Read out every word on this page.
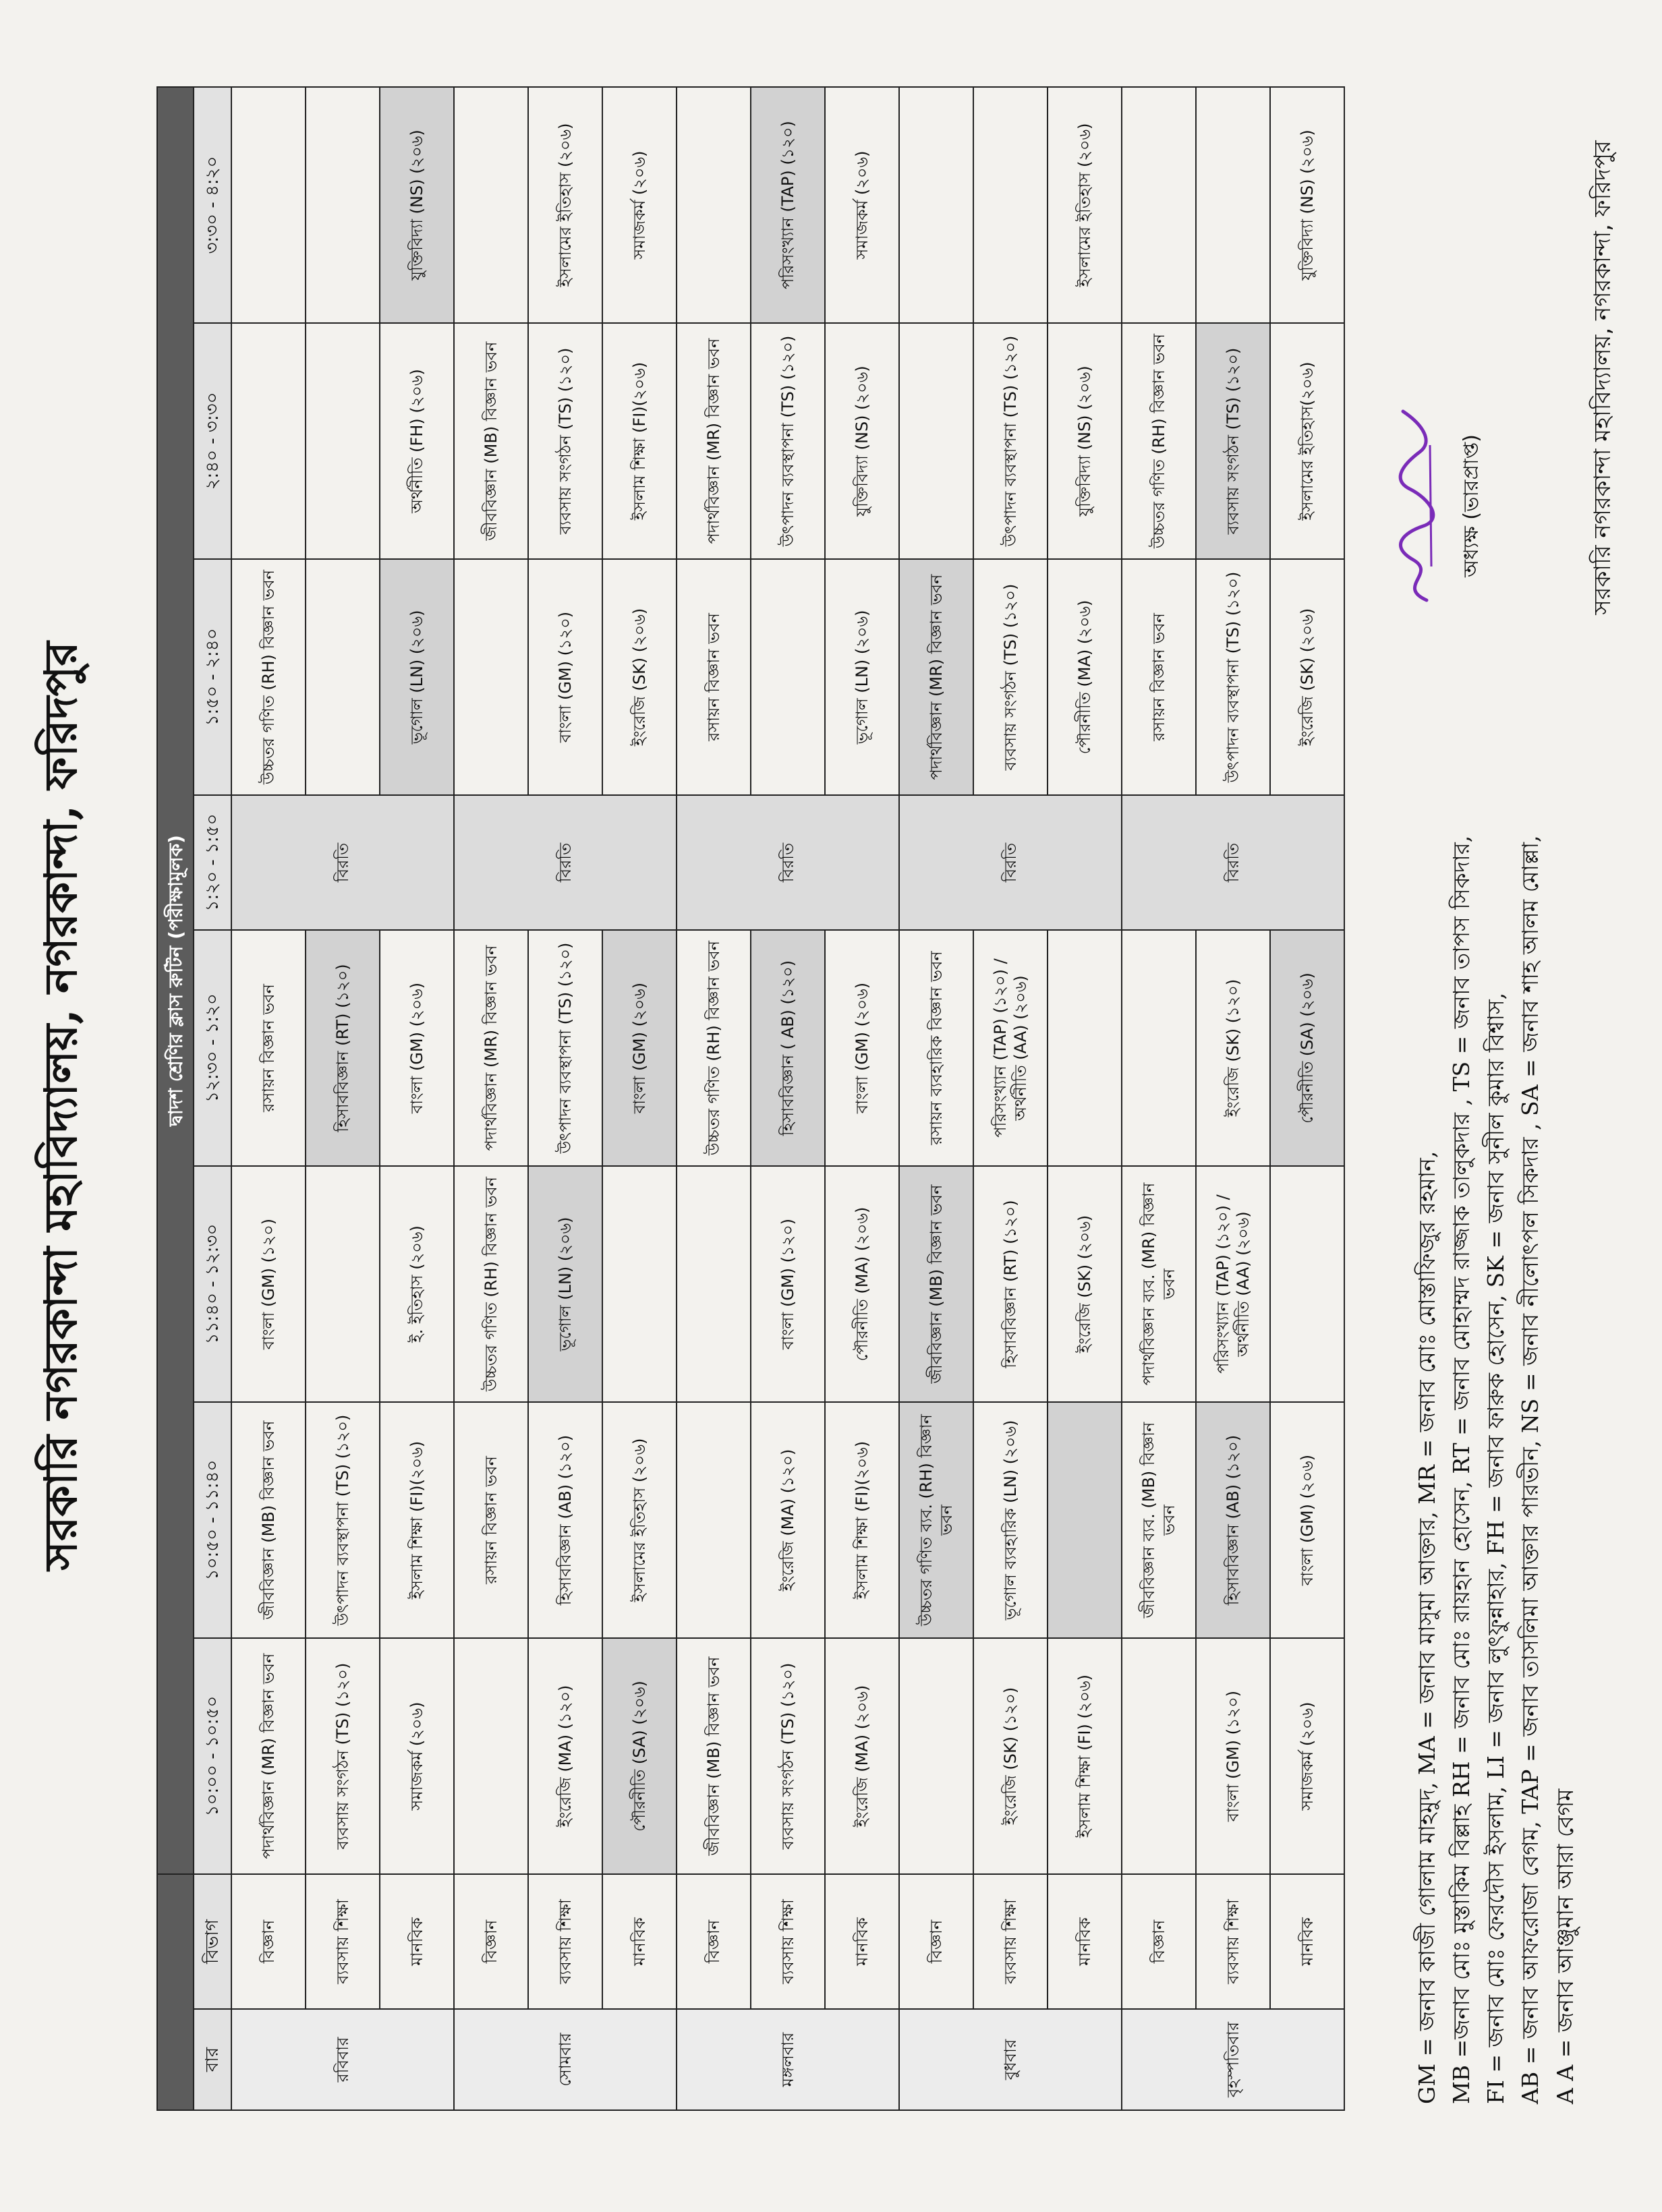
সরকারি নগরকান্দা মহাবিদ্যালয়, নগরকান্দা, ফরিদপুর
		দ্বাদশ শ্রেণির ক্লাস রুটিন (পরীক্ষামূলক)							
বার	বিভাগ	১০:০০ - ১০:৫০	১০:৫০ - ১১:৪০	১১:৪০ - ১২:৩০	১২:৩০ - ১:২০	১:২০ - ১:৫০	১:৫০ - ২:৪০	২:৪০ - ৩:৩০	৩:৩০ - ৪:২০
রবিবার	বিজ্ঞান	পদার্থবিজ্ঞান (MR) বিজ্ঞান ভবন	জীববিজ্ঞান (MB) বিজ্ঞান ভবন	বাংলা (GM) (১২০)	রসায়ন বিজ্ঞান ভবন	বিরতি	উচ্চতর গণিত (RH) বিজ্ঞান ভবন		
	ব্যবসায় শিক্ষা	ব্যবসায় সংগঠন (TS) (১২০)	উৎপাদন ব্যবস্থাপনা (TS) (১২০)		হিসাববিজ্ঞান (RT) (১২০)				
	মানবিক	সমাজকর্ম (২০৬)	ইসলাম শিক্ষা (FI)(২০৬)	ই. ইতিহাস (২০৬)	বাংলা (GM) (২০৬)		ভূগোল (LN) (২০৬)	অর্থনীতি (FH) (২০৬)	যুক্তিবিদ্যা (NS) (২০৬)
সোমবার	বিজ্ঞান		রসায়ন বিজ্ঞান ভবন	উচ্চতর গণিত (RH) বিজ্ঞান ভবন	পদার্থবিজ্ঞান (MR) বিজ্ঞান ভবন	বিরতি		জীববিজ্ঞান (MB) বিজ্ঞান ভবন	
	ব্যবসায় শিক্ষা	ইংরেজি (MA) (১২০)	হিসাববিজ্ঞান (AB) (১২০)	ভূগোল (LN) (২০৬)	উৎপাদন ব্যবস্থাপনা (TS) (১২০)		বাংলা (GM) (১২০)	ব্যবসায় সংগঠন (TS) (১২০)	ইসলামের ইতিহাস (২০৬)
	মানবিক	পৌরনীতি (SA) (২০৬)	ইসলামের ইতিহাস (২০৬)		বাংলা (GM) (২০৬)		ইংরেজি (SK) (২০৬)	ইসলাম শিক্ষা (FI)(২০৬)	সমাজকর্ম (২০৬)
মঙ্গলবার	বিজ্ঞান	জীববিজ্ঞান (MB) বিজ্ঞান ভবন			উচ্চতর গণিত (RH) বিজ্ঞান ভবন	বিরতি	রসায়ন বিজ্ঞান ভবন	পদার্থবিজ্ঞান (MR) বিজ্ঞান ভবন	
	ব্যবসায় শিক্ষা	ব্যবসায় সংগঠন (TS) (১২০)	ইংরেজি (MA) (১২০)	বাংলা (GM) (১২০)	হিসাববিজ্ঞান ( AB) (১২০)			উৎপাদন ব্যবস্থাপনা (TS) (১২০)	পরিসংখ্যান (TAP) (১২০)
	মানবিক	ইংরেজি (MA) (২০৬)	ইসলাম শিক্ষা (FI)(২০৬)	পৌরনীতি (MA) (২০৬)	বাংলা (GM) (২০৬)		ভূগোল (LN) (২০৬)	যুক্তিবিদ্যা (NS) (২০৬)	সমাজকর্ম (২০৬)
বুধবার	বিজ্ঞান		উচ্চতর গণিত ব্যব. (RH) বিজ্ঞান ভবন	জীববিজ্ঞান (MB) বিজ্ঞান ভবন	রসায়ন ব্যবহারিক বিজ্ঞান ভবন	বিরতি	পদার্থবিজ্ঞান (MR) বিজ্ঞান ভবন		
	ব্যবসায় শিক্ষা	ইংরেজি (SK) (১২০)	ভূগোল ব্যবহারিক (LN) (২০৬)	হিসাববিজ্ঞান (RT) (১২০)	পরিসংখ্যান (TAP) (১২০) / অর্থনীতি (AA) (২০৬)		ব্যবসায় সংগঠন (TS) (১২০)	উৎপাদন ব্যবস্থাপনা (TS) (১২০)	
	মানবিক	ইসলাম শিক্ষা (FI) (২০৬)		ইংরেজি (SK) (২০৬)			পৌরনীতি (MA) (২০৬)	যুক্তিবিদ্যা (NS) (২০৬)	ইসলামের ইতিহাস (২০৬)
বৃহস্পতিবার	বিজ্ঞান		জীববিজ্ঞান ব্যব. (MB) বিজ্ঞান ভবন	পদার্থবিজ্ঞান ব্যব. (MR) বিজ্ঞান ভবন		বিরতি	রসায়ন বিজ্ঞান ভবন	উচ্চতর গণিত (RH) বিজ্ঞান ভবন	
	ব্যবসায় শিক্ষা	বাংলা (GM) (১২০)	হিসাববিজ্ঞান (AB) (১২০)	পরিসংখ্যান (TAP) (১২০) / অর্থনীতি (AA) (২০৬)	ইংরেজি (SK) (১২০)		উৎপাদন ব্যবস্থাপনা (TS) (১২০)	ব্যবসায় সংগঠন (TS) (১২০)	
	মানবিক	সমাজকর্ম (২০৬)	বাংলা (GM) (২০৬)		পৌরনীতি (SA) (২০৬)		ইংরেজি (SK) (২০৬)	ইসলামের ইতিহাস(২০৬)	যুক্তিবিদ্যা (NS) (২০৬)
GM = জনাব কাজী গোলাম মাহমুদ, MA = জনাব মাসুমা আক্তার, MR = জনাব মোঃ মোস্তাফিজুর রহমান, MB =জনাব মোঃ মুস্তাকিম বিল্লাহ RH = জনাব মোঃ রায়হান হোসেন, RT = জনাব মোহাম্মদ রাজ্জাক তালুকদার , TS = জনাব তাপস সিকদার, FI = জনাব মোঃ ফেরদৌস ইসলাম, LI = জনাব লুৎফুন্নাহার, FH = জনাব ফারুক হোসেন, SK = জনাব সুনীল কুমার বিশ্বাস, AB = জনাব আফরোজা বেগম, TAP = জনাব তাসলিমা আক্তার পারভীন, NS = জনাব নীলোৎপল সিকদার , SA = জনাব শাহ আলম মোল্লা, A A = জনাব আঞ্জুমান আরা বেগম
অধ্যক্ষ (ভারপ্রাপ্ত)	সরকারি নগরকান্দা মহাবিদ্যালয়, নগরকান্দা, ফরিদপুর
